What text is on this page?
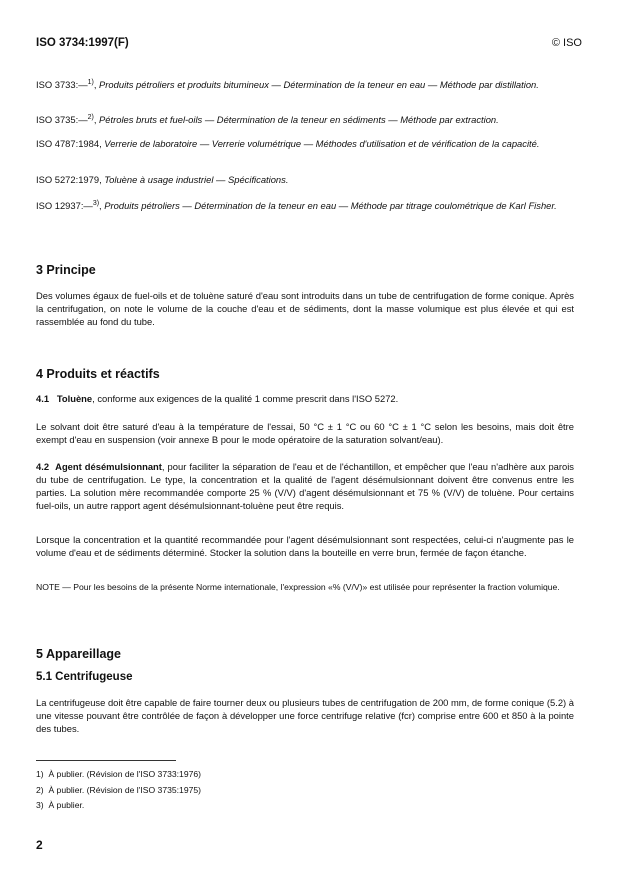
ISO 3734:1997(F)	© ISO
ISO 3733:—$^{1)}$, Produits pétroliers et produits bitumineux — Détermination de la teneur en eau — Méthode par distillation.
ISO 3735:—$^{2)}$, Pétroles bruts et fuel-oils — Détermination de la teneur en sédiments — Méthode par extraction.
ISO 4787:1984, Verrerie de laboratoire — Verrerie volumétrique — Méthodes d'utilisation et de vérification de la capacité.
ISO 5272:1979, Toluène à usage industriel — Spécifications.
ISO 12937:—$^{3)}$, Produits pétroliers — Détermination de la teneur en eau — Méthode par titrage coulométrique de Karl Fisher.
3 Principe
Des volumes égaux de fuel-oils et de toluène saturé d'eau sont introduits dans un tube de centrifugation de forme conique. Après la centrifugation, on note le volume de la couche d'eau et de sédiments, dont la masse volumique est plus élevée et qui est rassemblée au fond du tube.
4 Produits et réactifs
4.1 Toluène, conforme aux exigences de la qualité 1 comme prescrit dans l'ISO 5272.
Le solvant doit être saturé d'eau à la température de l'essai, 50 °C ± 1 °C ou 60 °C ± 1 °C selon les besoins, mais doit être exempt d'eau en suspension (voir annexe B pour le mode opératoire de la saturation solvant/eau).
4.2 Agent désémulsionnant, pour faciliter la séparation de l'eau et de l'échantillon, et empêcher que l'eau n'adhère aux parois du tube de centrifugation. Le type, la concentration et la qualité de l'agent désémulsionnant doivent être convenus entre les parties. La solution mère recommandée comporte 25 % (V/V) d'agent désémulsionnant et 75 % (V/V) de toluène. Pour certains fuel-oils, un autre rapport agent désémulsionnant-toluène peut être requis.
Lorsque la concentration et la quantité recommandée pour l'agent désémulsionnant sont respectées, celui-ci n'augmente pas le volume d'eau et de sédiments déterminé. Stocker la solution dans la bouteille en verre brun, fermée de façon étanche.
NOTE — Pour les besoins de la présente Norme internationale, l'expression «% (V/V)» est utilisée pour représenter la fraction volumique.
5 Appareillage
5.1 Centrifugeuse
La centrifugeuse doit être capable de faire tourner deux ou plusieurs tubes de centrifugation de 200 mm, de forme conique (5.2) à une vitesse pouvant être contrôlée de façon à développer une force centrifuge relative (fcr) comprise entre 600 et 850 à la pointe des tubes.
1) À publier. (Révision de l'ISO 3733:1976)
2) À publier. (Révision de l'ISO 3735:1975)
3) À publier.
2
